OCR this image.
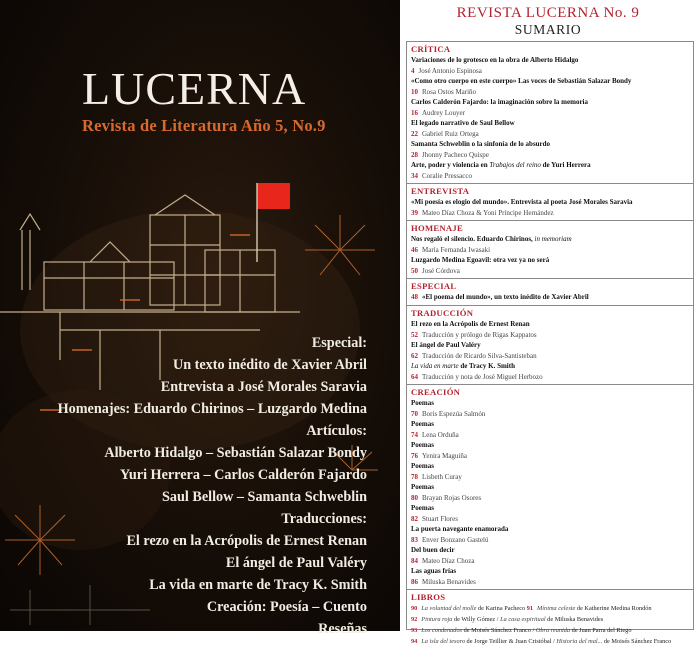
LUCERNA
Revista de Literatura Año 5, No.9
Especial:
Un texto inédito de Xavier Abril
Entrevista a José Morales Saravia
Homenajes: Eduardo Chirinos – Luzgardo Medina
Artículos:
Alberto Hidalgo – Sebastián Salazar Bondy
Yuri Herrera – Carlos Calderón Fajardo
Saul Bellow – Samanta Schweblin
Traducciones:
El rezo en la Acrópolis de Ernest Renan
El ángel de Paul Valéry
La vida en marte de Tracy K. Smith
Creación: Poesía – Cuento
Reseñas
REVISTA LUCERNA No. 9
SUMARIO
CRÍTICA
Variaciones de lo grotesco en la obra de Alberto Hidalgo
4 José Antonio Espinosa
«Como otro cuerpo en este cuerpo» Las voces de Sebastián Salazar Bondy
10 Rosa Ostos Mariño
Carlos Calderón Fajardo: la imaginación sobre la memoria
16 Audrey Louyer
El legado narrativo de Saul Bellow
22 Gabriel Ruiz Ortega
Samanta Schweblin o la sinfonía de lo absurdo
28 Jhonny Pacheco Quispe
Arte, poder y violencia en Trabajos del reino de Yuri Herrera
34 Coralie Pressacco
ENTREVISTA
«Mi poesía es elogio del mundo». Entrevista al poeta José Morales Saravia
39 Mateo Díaz Choza & Yoni Príncipe Hernández
HOMENAJE
Nos regaló el silencio. Eduardo Chirinos, in memoriam
46 María Fernanda Iwasaki
Luzgardo Medina Egoavil: otra vez ya no será
50 José Córdova
ESPECIAL
48 «El poema del mundo», un texto inédito de Xavier Abril
TRADUCCIÓN
El rezo en la Acrópolis de Ernest Renan
52 Traducción y prólogo de Rigas Kappatos
El ángel de Paul Valéry
62 Traducción de Ricardo Silva-Santisteban
La vida en marte de Tracy K. Smith
64 Traducción y nota de José Miguel Herbozo
CREACIÓN
Poemas
70 Boris Espezúa Salmón
Poemas
74 Lena Orduña
Poemas
76 Yenira Maguiña
Poemas
78 Lisbeth Curay
Poemas
80 Brayan Rojas Osores
Poemas
82 Stuart Flores
La puerta navegante enamorada
83 Enver Bonzano Gastelú
Del buen decir
84 Mateo Díaz Choza
Las aguas frías
86 Miluska Benavides
LIBROS
90 La voluntad del molle de Karina Pacheco 91 Mínima celeste de Katherine Medina Rondón
92 Pintura roja de Willy Gómez / La casa espiritual de Miluska Benavides
93 Los condenados de Moisés Sánchez Franco / Obra reunida de Juan Parra del Riego
94 La isla del tesoro de Jorge Teillier & Juan Cristóbal / Historia del mal... de Moisés Sánchez Franco
